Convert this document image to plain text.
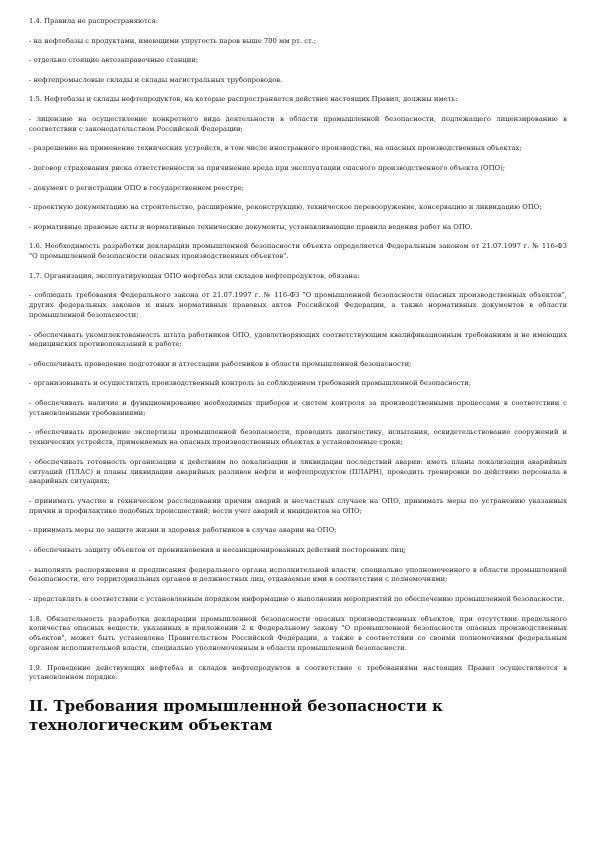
1.4. Правила не распространяются:

- на нефтебазы с продуктами, имеющими упругость паров выше 700 мм рт. ст.;

- отдельно стоящие автозаправочные станции;

- нефтепромысловые склады и склады магистральных трубопроводов.

1.5. Нефтебазы и склады нефтепродуктов, на которые распространяется действие настоящих Правил, должны иметь:

- лицензию на осуществление конкретного вида деятельности в области промышленной безопасности, подлежащего лицензированию в соответствии с законодательством Российской Федерации;

- разрешение на применение технических устройств, в том числе иностранного производства, на опасных производственных объектах;

- договор страхования риска ответственности за причинение вреда при эксплуатации опасного производственного объекта (ОПО);

- документ о регистрации ОПО в государственном реестре;

- проектную документацию на строительство, расширение, реконструкцию, техническое перевооружение, консервацию и ликвидацию ОПО;

- нормативные правовые акты и нормативные технические документы, устанавливающие правила ведения работ на ОПО.

1.6. Необходимость разработки декларации промышленной безопасности объекта определяется Федеральным законом от 21.07.1997 г. № 116-ФЗ "О промышленной безопасности опасных производственных объектов".

1.7. Организация, эксплуатирующая ОПО нефтебаз или складов нефтепродуктов, обязана:

- соблюдать требования Федерального закона от 21.07.1997 г. № 116-ФЗ "О промышленной безопасности опасных производственных объектов", других федеральных законов и иных нормативных правовых актов Российской Федерации, а также нормативных документов в области промышленной безопасности;

- обеспечивать укомплектованность штата работников ОПО, удовлетворяющих соответствующим квалификационным требованиям и не имеющих медицинских противопоказаний к работе;

- обеспечивать проведение подготовки и аттестации работников в области промышленной безопасности;

- организовывать и осуществлять производственный контроль за соблюдением требований промышленной безопасности;

- обеспечивать наличие и функционирование необходимых приборов и систем контроля за производственными процессами в соответствии с установленными требованиями;

- обеспечивать проведение экспертизы промышленной безопасности, проводить диагностику, испытания, освидетельствование сооружений и технических устройств, применяемых на опасных производственных объектах в установленные сроки;

- обеспечивать готовность организации к действиям по локализации и ликвидации последствий аварии: иметь планы локализации аварийных ситуаций (ПЛАС) и планы ликвидации аварийных разливов нефти и нефтепродуктов (ПЛАРН), проводить тренировки по действию персонала в аварийных ситуациях;

- принимать участие в техническом расследовании причин аварий и несчастных случаев на ОПО, принимать меры по устранению указанных причин и профилактике подобных происшествий; вести учет аварий и инцидентов на ОПО;

- принимать меры по защите жизни и здоровья работников в случае аварии на ОПО;

- обеспечивать защиту объектов от проникновения и несанкционированных действий посторонних лиц;

- выполнять распоряжения и предписания федерального органа исполнительной власти, специально уполномоченного в области промышленной безопасности, его территориальных органов и должностных лиц, отдаваемые ими в соответствии с полномочиями;

- представлять в соответствии с установленным порядком информацию о выполнении мероприятий по обеспечению промышленной безопасности.

1.8. Обязательность разработки декларации промышленной безопасности опасных производственных объектов, при отсутствии предельного количества опасных веществ, указанных в приложении 2 к Федеральному закону "О промышленной безопасности опасных производственных объектов", может быть установлена Правительством Российской Федерации, а также в соответствии со своими полномочиями федеральным органом исполнительной власти, специально уполномоченным в области промышленной безопасности.

1.9. Проведение действующих нефтебаз и складов нефтепродуктов в соответствие с требованиями настоящих Правил осуществляется в установленном порядке.

II. Требования промышленной безопасности к технологическим объектам
